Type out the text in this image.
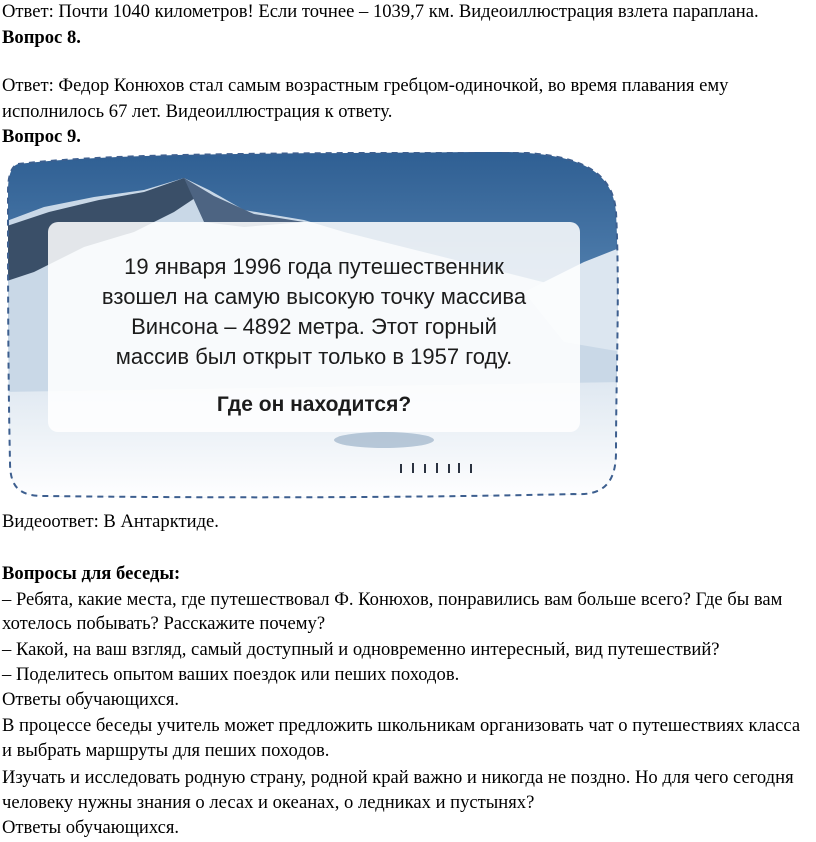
Ответ: Почти 1040 километров! Если точнее – 1039,7 км. Видеоиллюстрация взлета параплана.

Вопрос 8.

Ответ: Федор Конюхов стал самым возрастным гребцом-одиночкой, во время плавания ему

исполнилось 67 лет. Видеоиллюстрация к ответу.

Вопрос 9.

19 января 1996 года путешественник
взошел на самую высокую точку массива
Винсона – 4892 метра. Этот горный
массив был открыт только в 1957 году.

Где он находится?

Видеоответ: В Антарктиде.

Вопросы для беседы:

– Ребята, какие места, где путешествовал Ф. Конюхов, понравились вам больше всего? Где бы вам

хотелось побывать? Расскажите почему?

– Какой, на ваш взгляд, самый доступный и одновременно интересный, вид путешествий?

– Поделитесь опытом ваших поездок или пеших походов.

Ответы обучающихся.

В процессе беседы учитель может предложить школьникам организовать чат о путешествиях класса

и выбрать маршруты для пеших походов.

Изучать и исследовать родную страну, родной край важно и никогда не поздно. Но для чего сегодня

человеку нужны знания о лесах и океанах, о ледниках и пустынях?

Ответы обучающихся.
